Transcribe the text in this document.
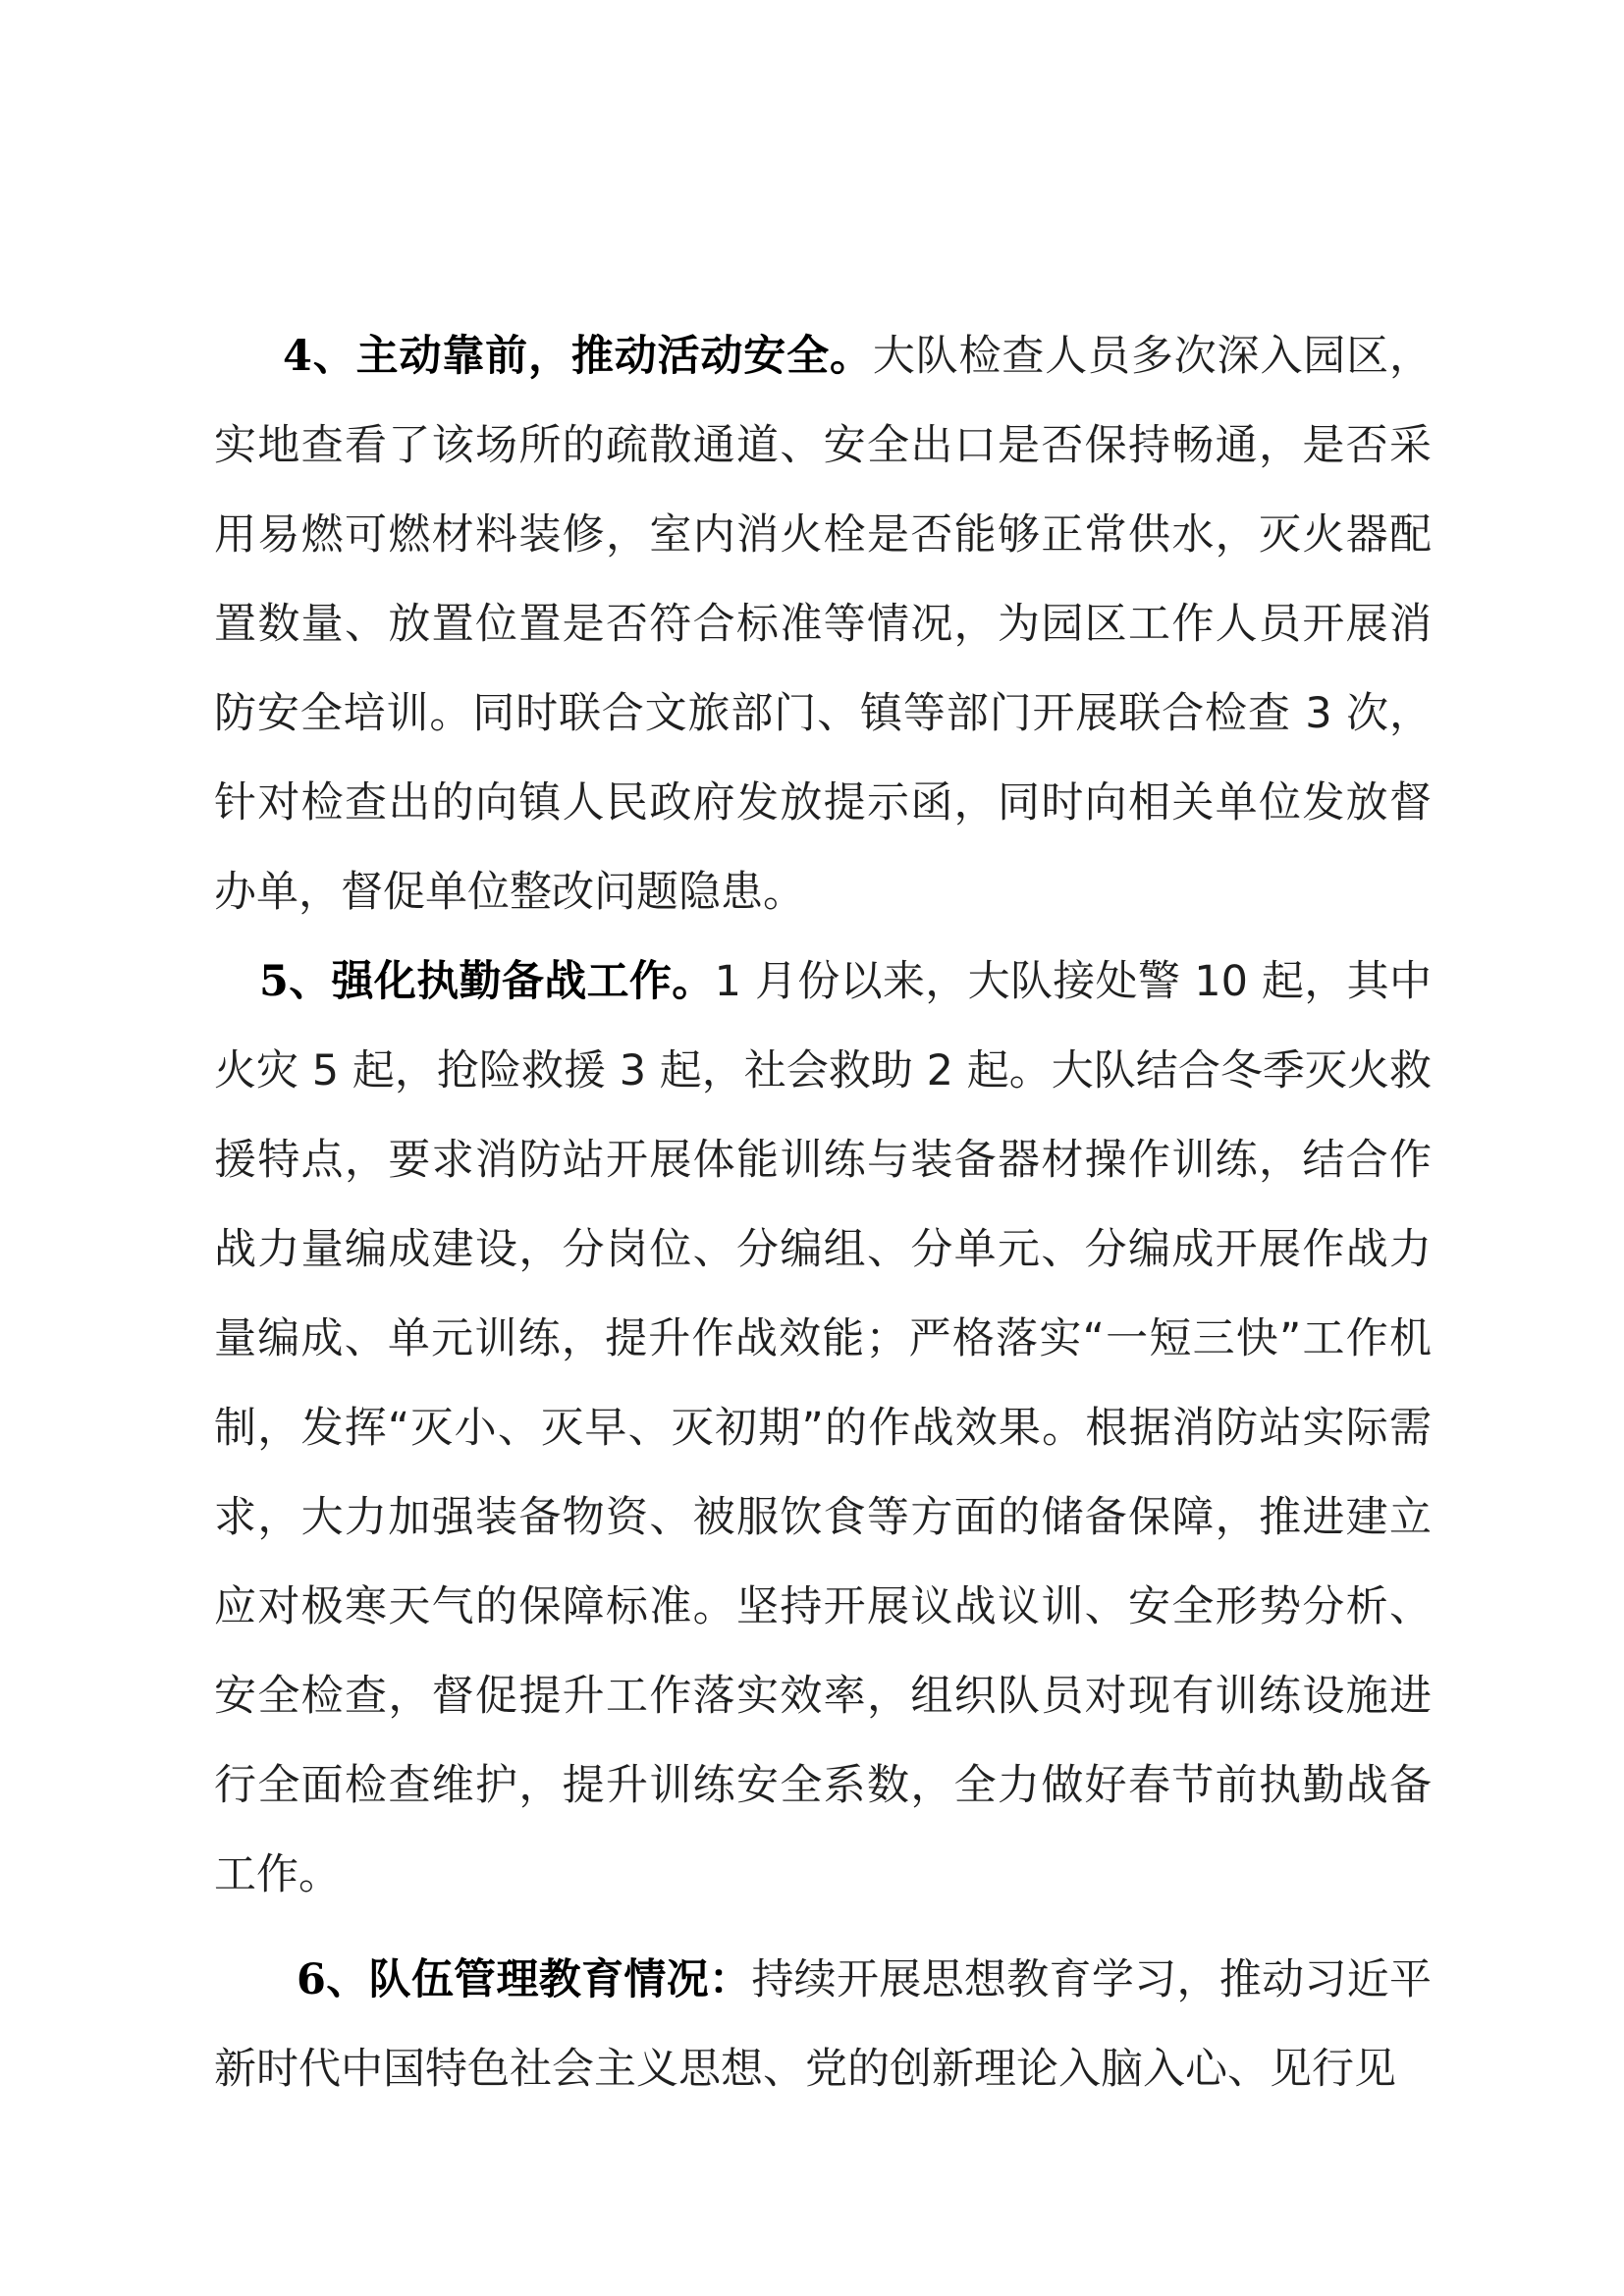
4、主动靠前，推动活动安全。大队检查人员多次深入园区，实地查看了该场所的疏散通道、安全出口是否保持畅通，是否采用易燃可燃材料装修，室内消火栓是否能够正常供水，灭火器配置数量、放置位置是否符合标准等情况，为园区工作人员开展消防安全培训。同时联合文旅部门、镇等部门开展联合检查 3 次，针对检查出的向镇人民政府发放提示函，同时向相关单位发放督办单，督促单位整改问题隐患。

5、强化执勤备战工作。1 月份以来，大队接处警 10 起，其中火灾 5 起，抢险救援 3 起，社会救助 2 起。大队结合冬季灭火救援特点，要求消防站开展体能训练与装备器材操作训练，结合作战力量编成建设，分岗位、分编组、分单元、分编成开展作战力量编成、单元训练，提升作战效能；严格落实“一短三快”工作机制，发挥“灭小、灭早、灭初期”的作战效果。根据消防站实际需求，大力加强装备物资、被服饮食等方面的储备保障，推进建立应对极寒天气的保障标准。坚持开展议战议训、安全形势分析、安全检查，督促提升工作落实效率，组织队员对现有训练设施进行全面检查维护，提升训练安全系数，全力做好春节前执勤战备工作。

6、队伍管理教育情况：持续开展思想教育学习，推动习近平新时代中国特色社会主义思想、党的创新理论入脑入心、见行见
